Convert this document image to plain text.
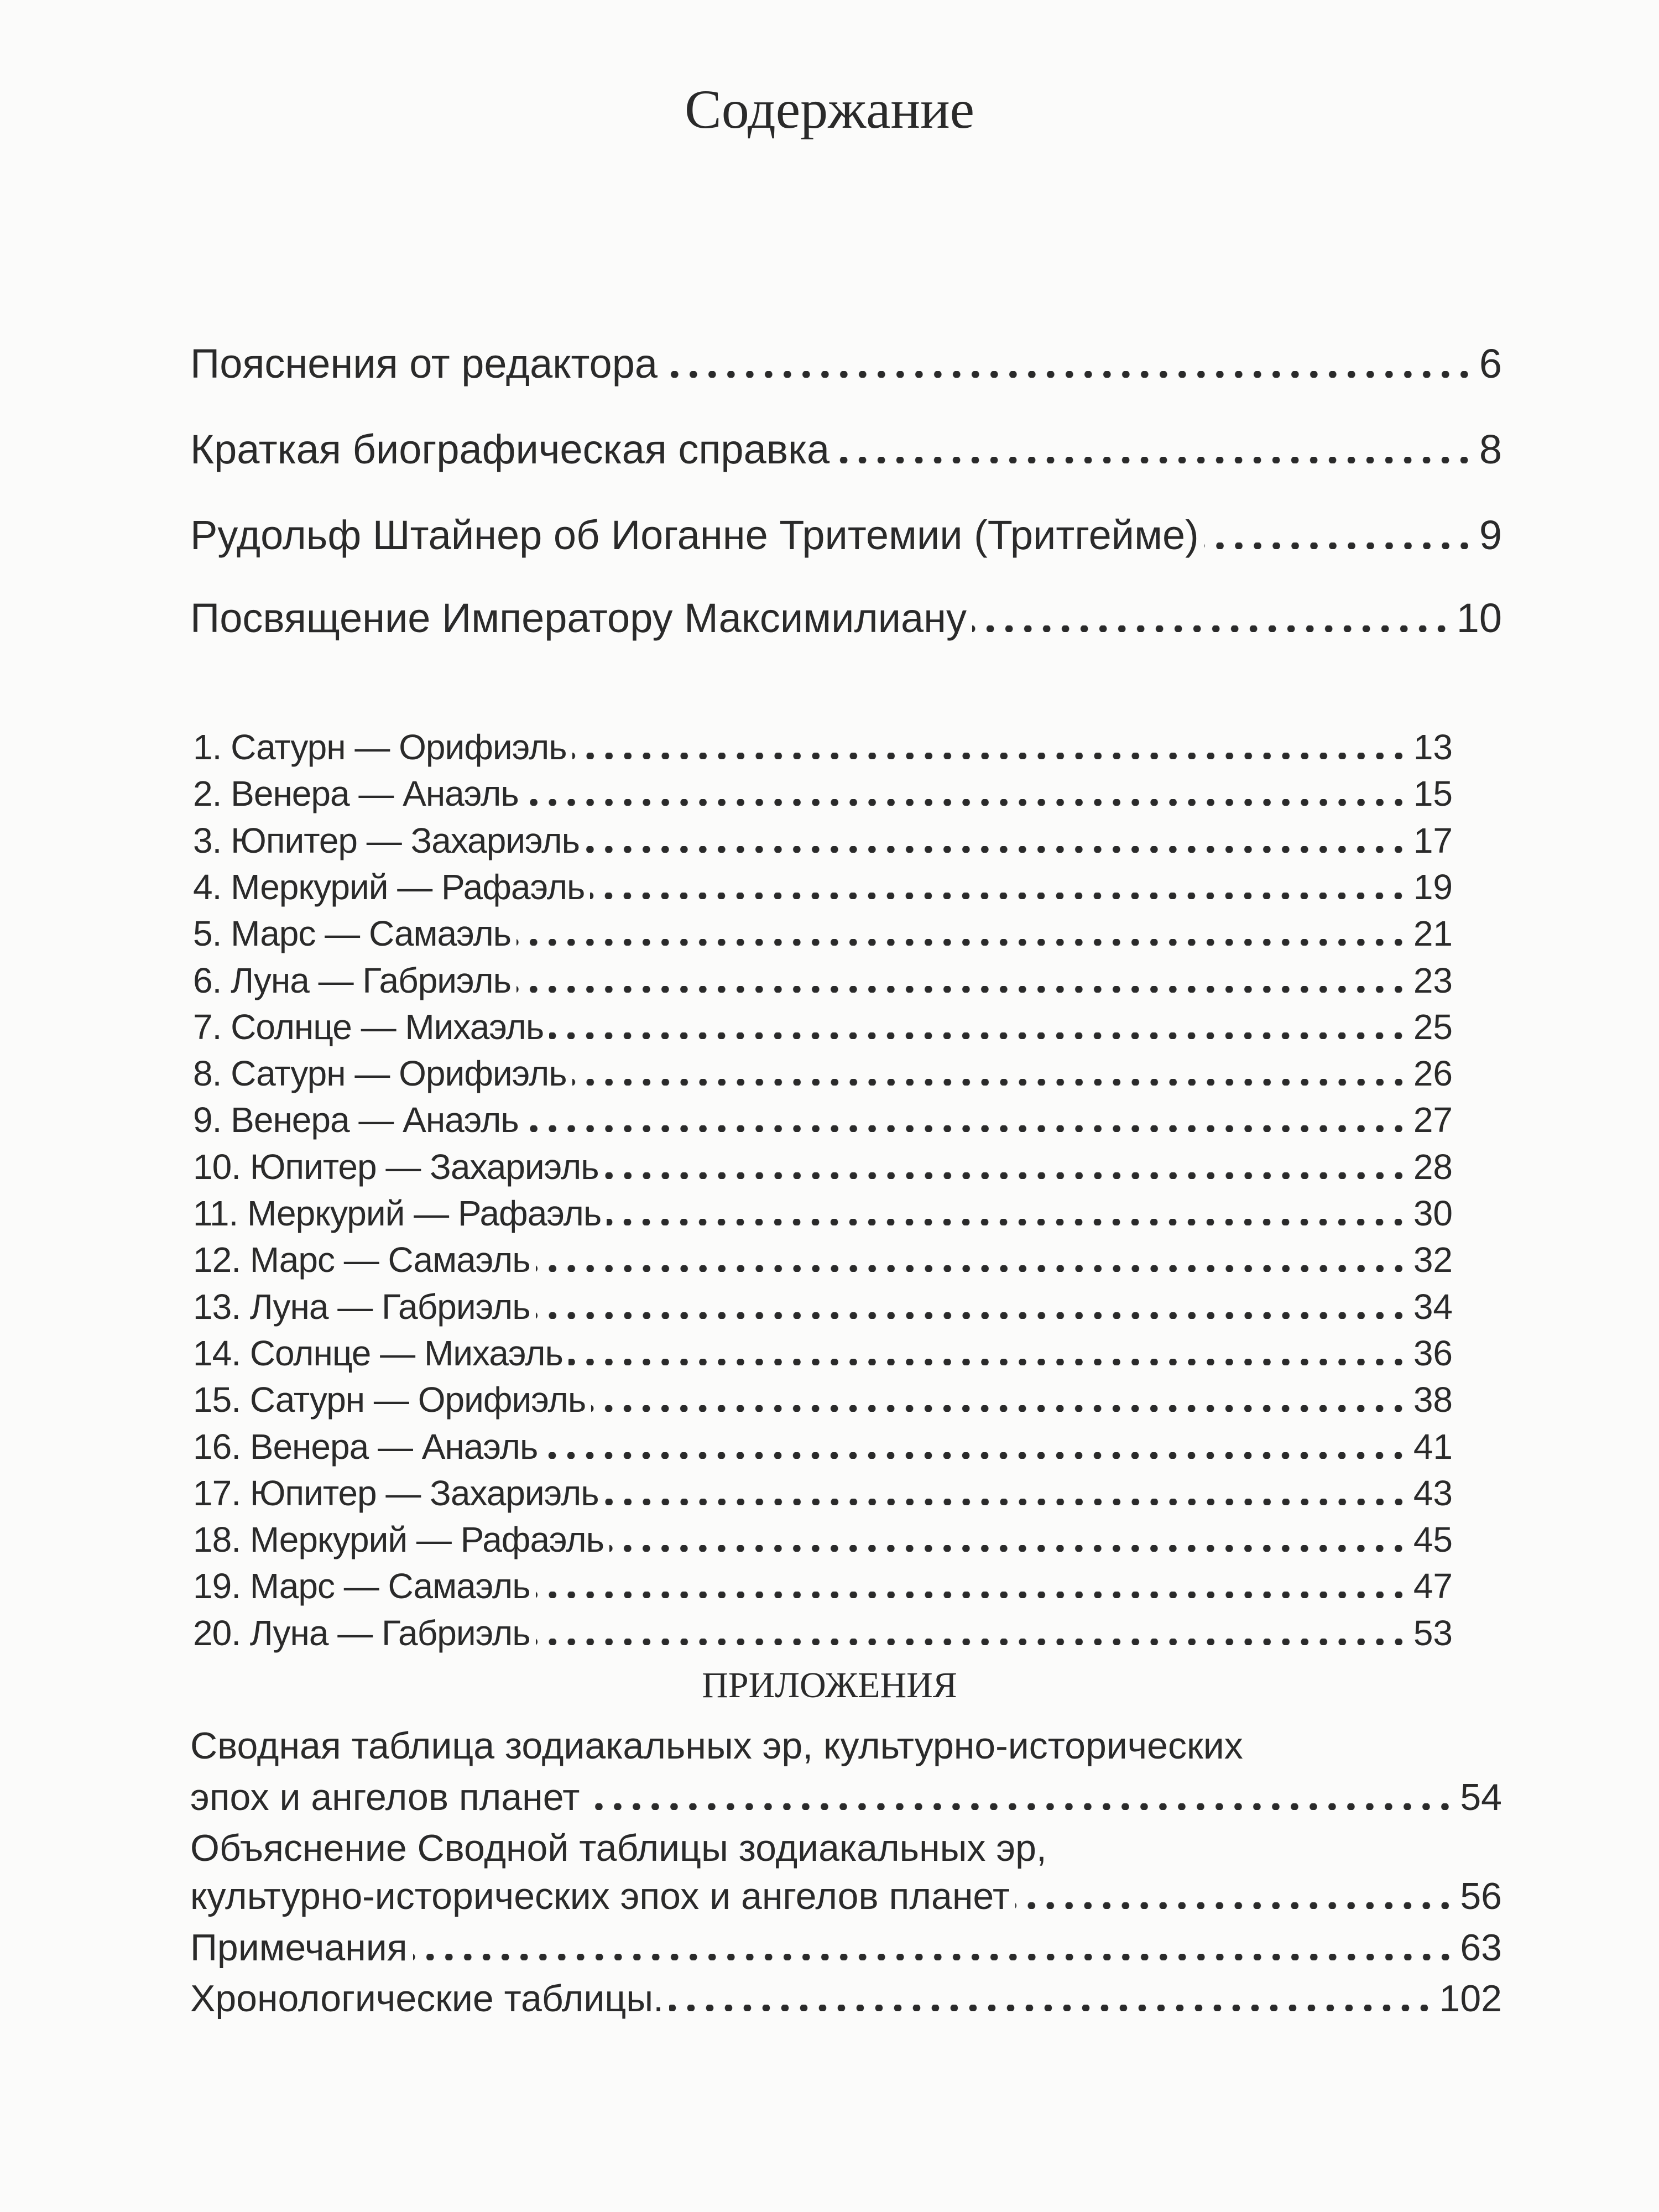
Содержание
Пояснения от редактора	6
Краткая биографическая справка	8
Рудольф Штайнер об Иоганне Тритемии (Тритгейме)	9
Посвящение Императору Максимилиану	10
1. Сатурн — Орифиэль	13
2. Венера — Анаэль	15
3. Юпитер — Захариэль	17
4. Меркурий — Рафаэль	19
5. Марс — Самаэль	21
6. Луна — Габриэль	23
7. Солнце — Михаэль	25
8. Сатурн — Орифиэль	26
9. Венера — Анаэль	27
10. Юпитер — Захариэль	28
11. Меркурий — Рафаэль	30
12. Марс — Самаэль	32
13. Луна — Габриэль	34
14. Солнце — Михаэль	36
15. Сатурн — Орифиэль	38
16. Венера — Анаэль	41
17. Юпитер — Захариэль	43
18. Меркурий — Рафаэль	45
19. Марс — Самаэль	47
20. Луна — Габриэль	53
ПРИЛОЖЕНИЯ
Сводная таблица зодиакальных эр, культурно-исторических
эпох и ангелов планет	54
Объяснение Сводной таблицы зодиакальных эр,
культурно-исторических эпох и ангелов планет	56
Примечания	63
Хронологические таблицы.	102
